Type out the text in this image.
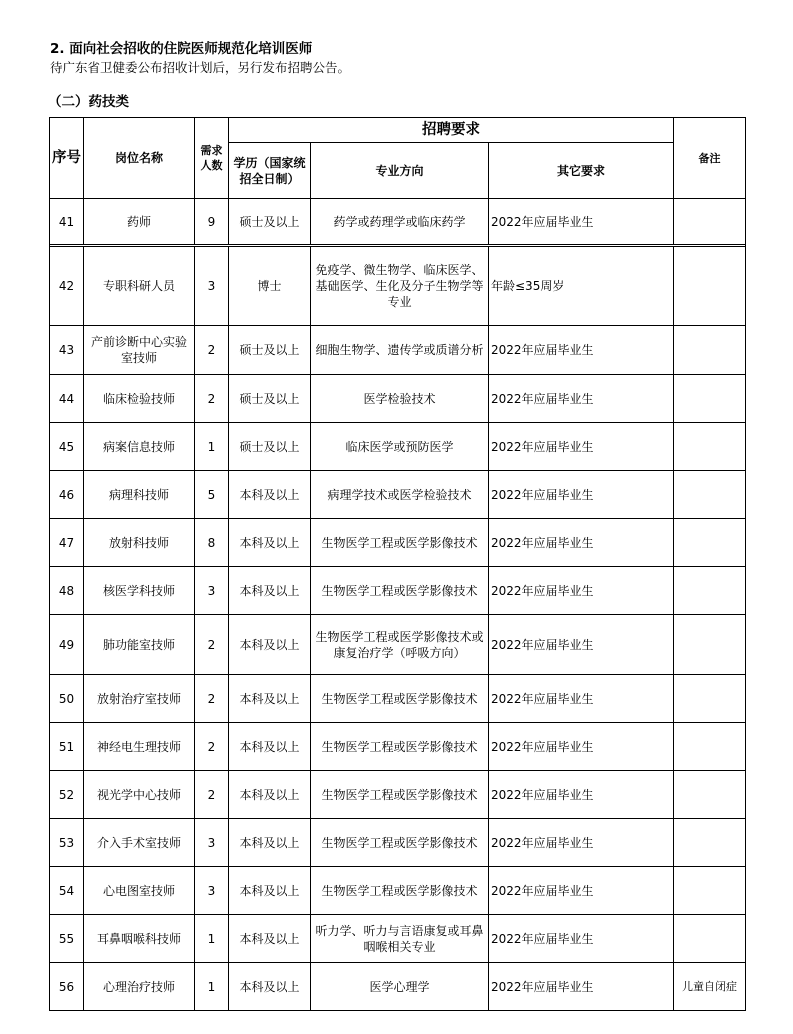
2. 面向社会招收的住院医师规范化培训医师
待广东省卫健委公布招收计划后，另行发布招聘公告。
（二）药技类
序号	岗位名称	需求人数	招聘要求			备注
			学历（国家统招全日制）	专业方向	其它要求	
41	药师	9	硕士及以上	药学或药理学或临床药学	2022年应届毕业生	

42	专职科研人员	3	博士	免疫学、微生物学、临床医学、基础医学、生化及分子生物学等专业	年龄≤35周岁	
43	产前诊断中心实验室技师	2	硕士及以上	细胞生物学、遗传学或质谱分析	2022年应届毕业生	
44	临床检验技师	2	硕士及以上	医学检验技术	2022年应届毕业生	
45	病案信息技师	1	硕士及以上	临床医学或预防医学	2022年应届毕业生	
46	病理科技师	5	本科及以上	病理学技术或医学检验技术	2022年应届毕业生	
47	放射科技师	8	本科及以上	生物医学工程或医学影像技术	2022年应届毕业生	
48	核医学科技师	3	本科及以上	生物医学工程或医学影像技术	2022年应届毕业生	
49	肺功能室技师	2	本科及以上	生物医学工程或医学影像技术或康复治疗学（呼吸方向）	2022年应届毕业生	
50	放射治疗室技师	2	本科及以上	生物医学工程或医学影像技术	2022年应届毕业生	
51	神经电生理技师	2	本科及以上	生物医学工程或医学影像技术	2022年应届毕业生	
52	视光学中心技师	2	本科及以上	生物医学工程或医学影像技术	2022年应届毕业生	
53	介入手术室技师	3	本科及以上	生物医学工程或医学影像技术	2022年应届毕业生	
54	心电图室技师	3	本科及以上	生物医学工程或医学影像技术	2022年应届毕业生	
55	耳鼻咽喉科技师	1	本科及以上	听力学、听力与言语康复或耳鼻咽喉相关专业	2022年应届毕业生	
56	心理治疗技师	1	本科及以上	医学心理学	2022年应届毕业生	儿童自闭症
